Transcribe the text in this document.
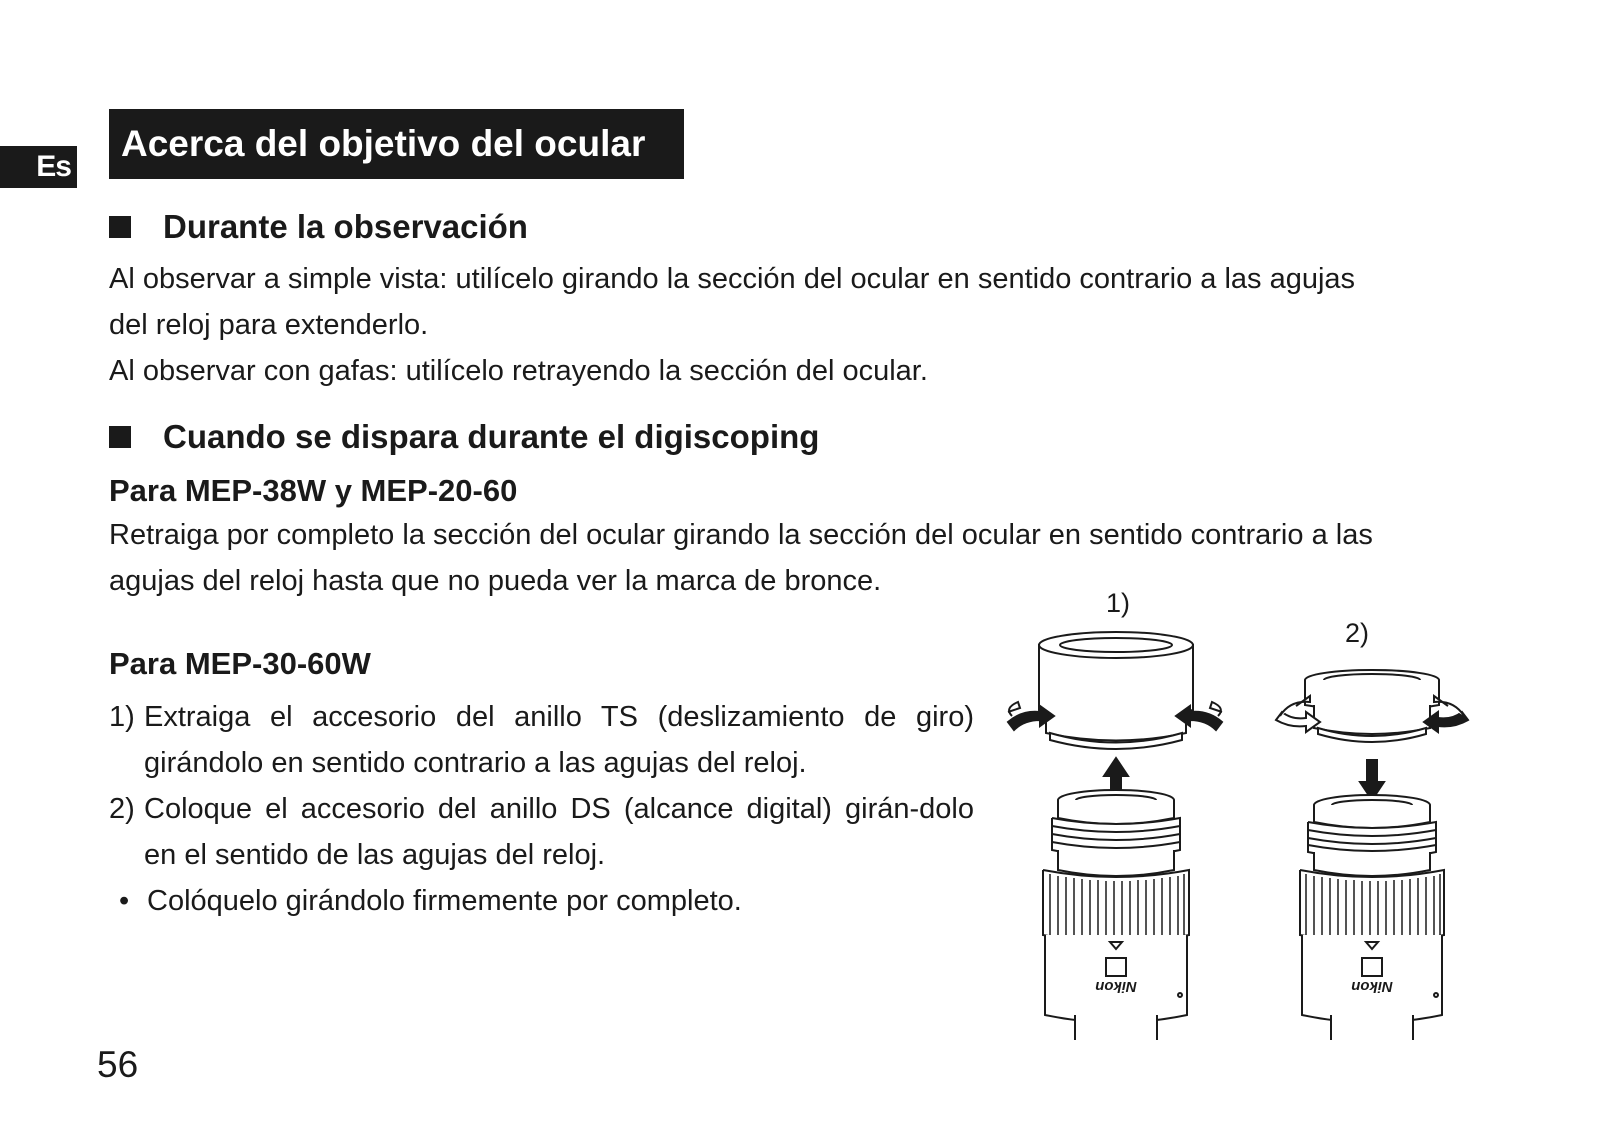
Es
Acerca del objetivo del ocular
Durante la observación
Al observar a simple vista: utilícelo girando la sección del ocular en sentido contrario a las agujas
del reloj para extenderlo.
Al observar con gafas: utilícelo retrayendo la sección del ocular.
Cuando se dispara durante el digiscoping
Para MEP-38W y MEP-20-60
Retraiga por completo la sección del ocular girando la sección del ocular en sentido contrario a las
agujas del reloj hasta que no pueda ver la marca de bronce.
Para MEP-30-60W
1) Extraiga el accesorio del anillo TS (deslizamiento de giro) girándolo en sentido contrario a las agujas del reloj.
2) Coloque el accesorio del anillo DS (alcance digital) girán-dolo en el sentido de las agujas del reloj.
• Colóquelo girándolo firmemente por completo.
1)
2)
Nikon	Nikon
56
